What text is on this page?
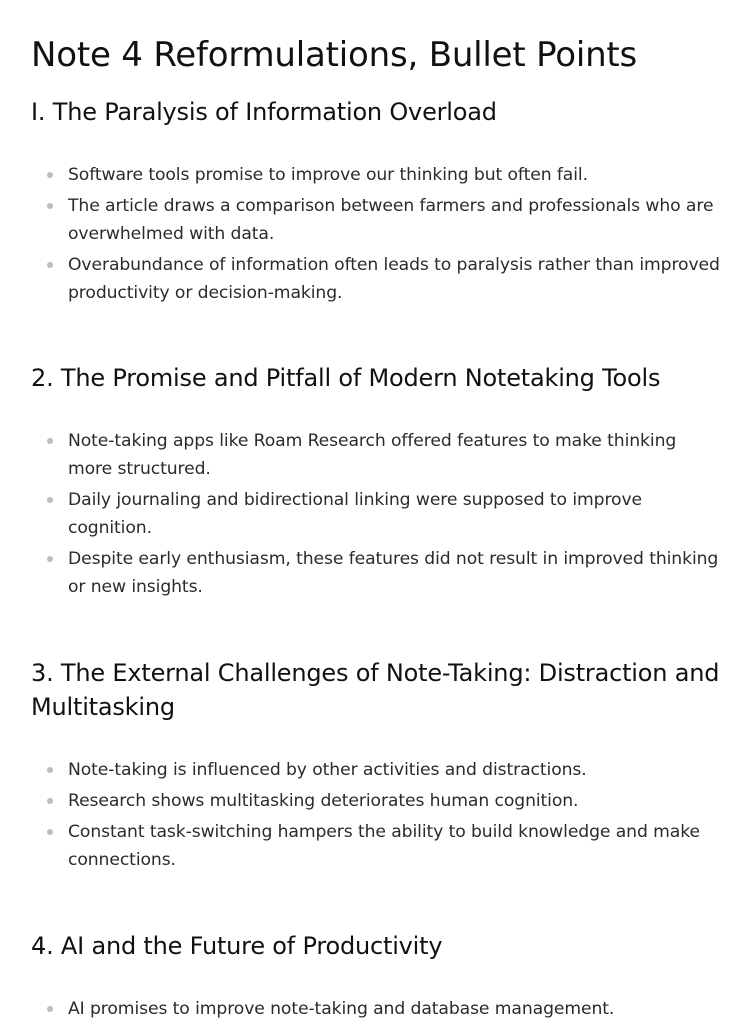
Note 4 Reformulations, Bullet Points
I. The Paralysis of Information Overload
Software tools promise to improve our thinking but often fail.
The article draws a comparison between farmers and professionals who are overwhelmed with data.
Overabundance of information often leads to paralysis rather than improved productivity or decision-making.
2. The Promise and Pitfall of Modern Notetaking Tools
Note-taking apps like Roam Research offered features to make thinking more structured.
Daily journaling and bidirectional linking were supposed to improve cognition.
Despite early enthusiasm, these features did not result in improved thinking or new insights.
3. The External Challenges of Note-Taking: Distraction and Multitasking
Note-taking is influenced by other activities and distractions.
Research shows multitasking deteriorates human cognition.
Constant task-switching hampers the ability to build knowledge and make connections.
4. AI and the Future of Productivity
AI promises to improve note-taking and database management.
